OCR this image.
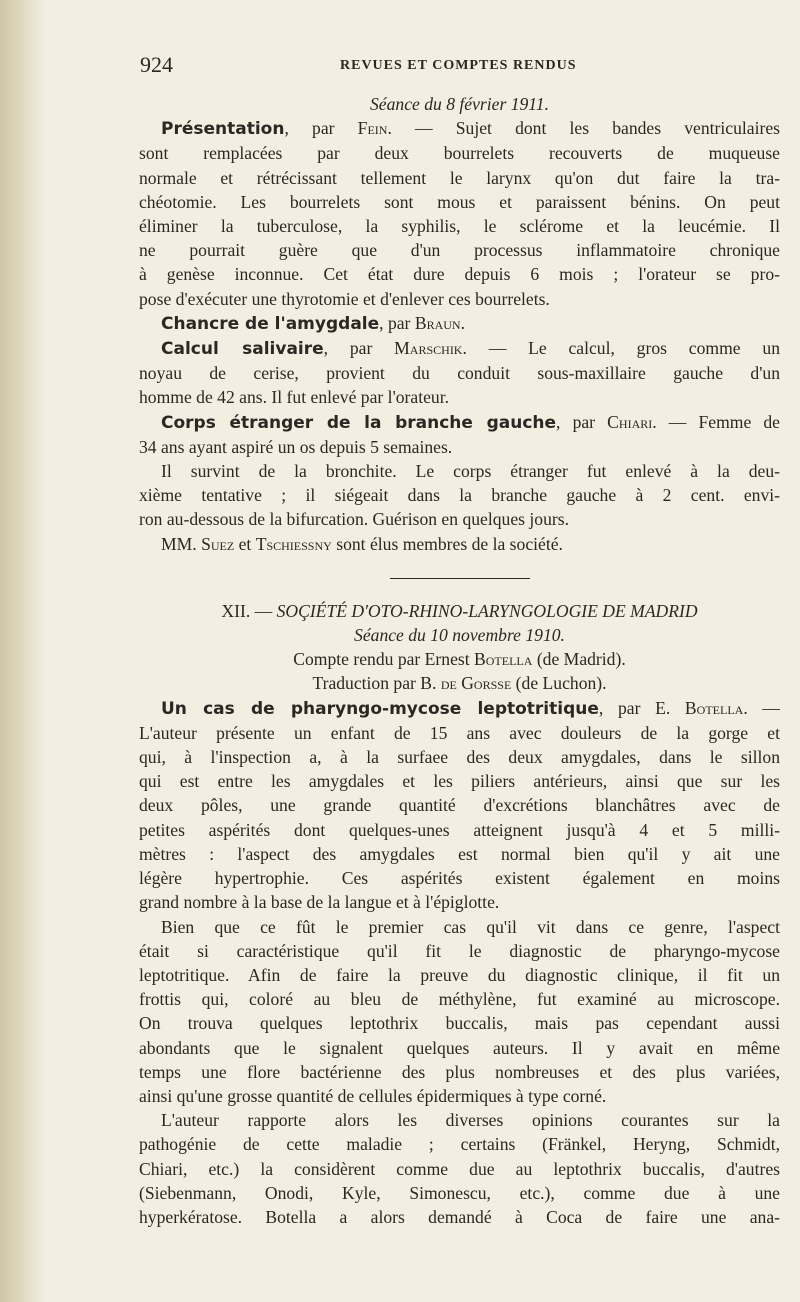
924	REVUES ET COMPTES RENDUS
Séance du 8 février 1911.
Présentation, par Fein. — Sujet dont les bandes ventriculaires
sont remplacées par deux bourrelets recouverts de muqueuse
normale et rétrécissant tellement le larynx qu'on dut faire la tra-
chéotomie. Les bourrelets sont mous et paraissent bénins. On peut
éliminer la tuberculose, la syphilis, le sclérome et la leucémie. Il
ne pourrait guère que d'un processus inflammatoire chronique
à genèse inconnue. Cet état dure depuis 6 mois ; l'orateur se pro-
pose d'exécuter une thyrotomie et d'enlever ces bourrelets.
Chancre de l'amygdale, par Braun.
Calcul salivaire, par Marschik. — Le calcul, gros comme un
noyau de cerise, provient du conduit sous-maxillaire gauche d'un
homme de 42 ans. Il fut enlevé par l'orateur.
Corps étranger de la branche gauche, par Chiari. — Femme de
34 ans ayant aspiré un os depuis 5 semaines.
Il survint de la bronchite. Le corps étranger fut enlevé à la deu-
xième tentative ; il siégeait dans la branche gauche à 2 cent. envi-
ron au-dessous de la bifurcation. Guérison en quelques jours.
MM. Suez et Tschiessny sont élus membres de la société.
XII. — SOÇIÉTÉ D'OTO-RHINO-LARYNGOLOGIE DE MADRID
Séance du 10 novembre 1910.
Compte rendu par Ernest Botella (de Madrid).
Traduction par B. de Gorsse (de Luchon).
Un cas de pharyngo-mycose leptotritique, par E. Botella. —
L'auteur présente un enfant de 15 ans avec douleurs de la gorge et
qui, à l'inspection a, à la surfaee des deux amygdales, dans le sillon
qui est entre les amygdales et les piliers antérieurs, ainsi que sur les
deux pôles, une grande quantité d'excrétions blanchâtres avec de
petites aspérités dont quelques-unes atteignent jusqu'à 4 et 5 milli-
mètres : l'aspect des amygdales est normal bien qu'il y ait une
légère hypertrophie. Ces aspérités existent également en moins
grand nombre à la base de la langue et à l'épiglotte.
Bien que ce fût le premier cas qu'il vit dans ce genre, l'aspect
était si caractéristique qu'il fit le diagnostic de pharyngo-mycose
leptotritique. Afin de faire la preuve du diagnostic clinique, il fit un
frottis qui, coloré au bleu de méthylène, fut examiné au microscope.
On trouva quelques leptothrix buccalis, mais pas cependant aussi
abondants que le signalent quelques auteurs. Il y avait en même
temps une flore bactérienne des plus nombreuses et des plus variées,
ainsi qu'une grosse quantité de cellules épidermiques à type corné.
L'auteur rapporte alors les diverses opinions courantes sur la
pathogénie de cette maladie ; certains (Fränkel, Heryng, Schmidt,
Chiari, etc.) la considèrent comme due au leptothrix buccalis, d'autres
(Siebenmann, Onodi, Kyle, Simonescu, etc.), comme due à une
hyperkératose. Botella a alors demandé à Coca de faire une ana-
